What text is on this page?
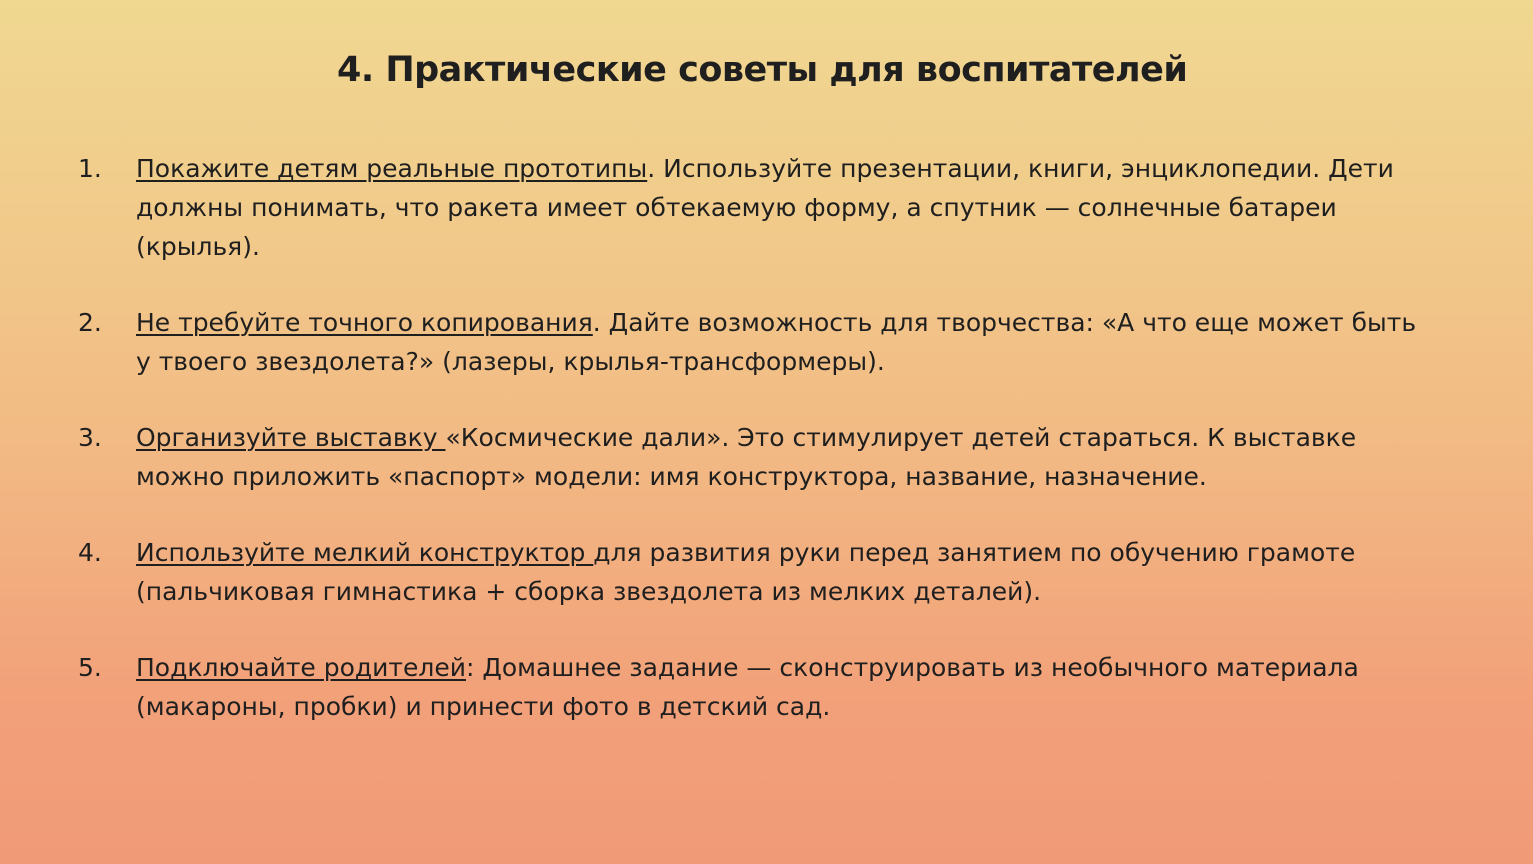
4. Практические советы для воспитателей
1. Покажите детям реальные прототипы. Используйте презентации, книги, энциклопедии. Дети должны понимать, что ракета имеет обтекаемую форму, а спутник — солнечные батареи (крылья).
2. Не требуйте точного копирования. Дайте возможность для творчества: «А что еще может быть у твоего звездолета?» (лазеры, крылья-трансформеры).
3. Организуйте выставку «Космические дали». Это стимулирует детей стараться. К выставке можно приложить «паспорт» модели: имя конструктора, название, назначение.
4. Используйте мелкий конструктор для развития руки перед занятием по обучению грамоте (пальчиковая гимнастика + сборка звездолета из мелких деталей).
5. Подключайте родителей: Домашнее задание — сконструировать из необычного материала (макароны, пробки) и принести фото в детский сад.
